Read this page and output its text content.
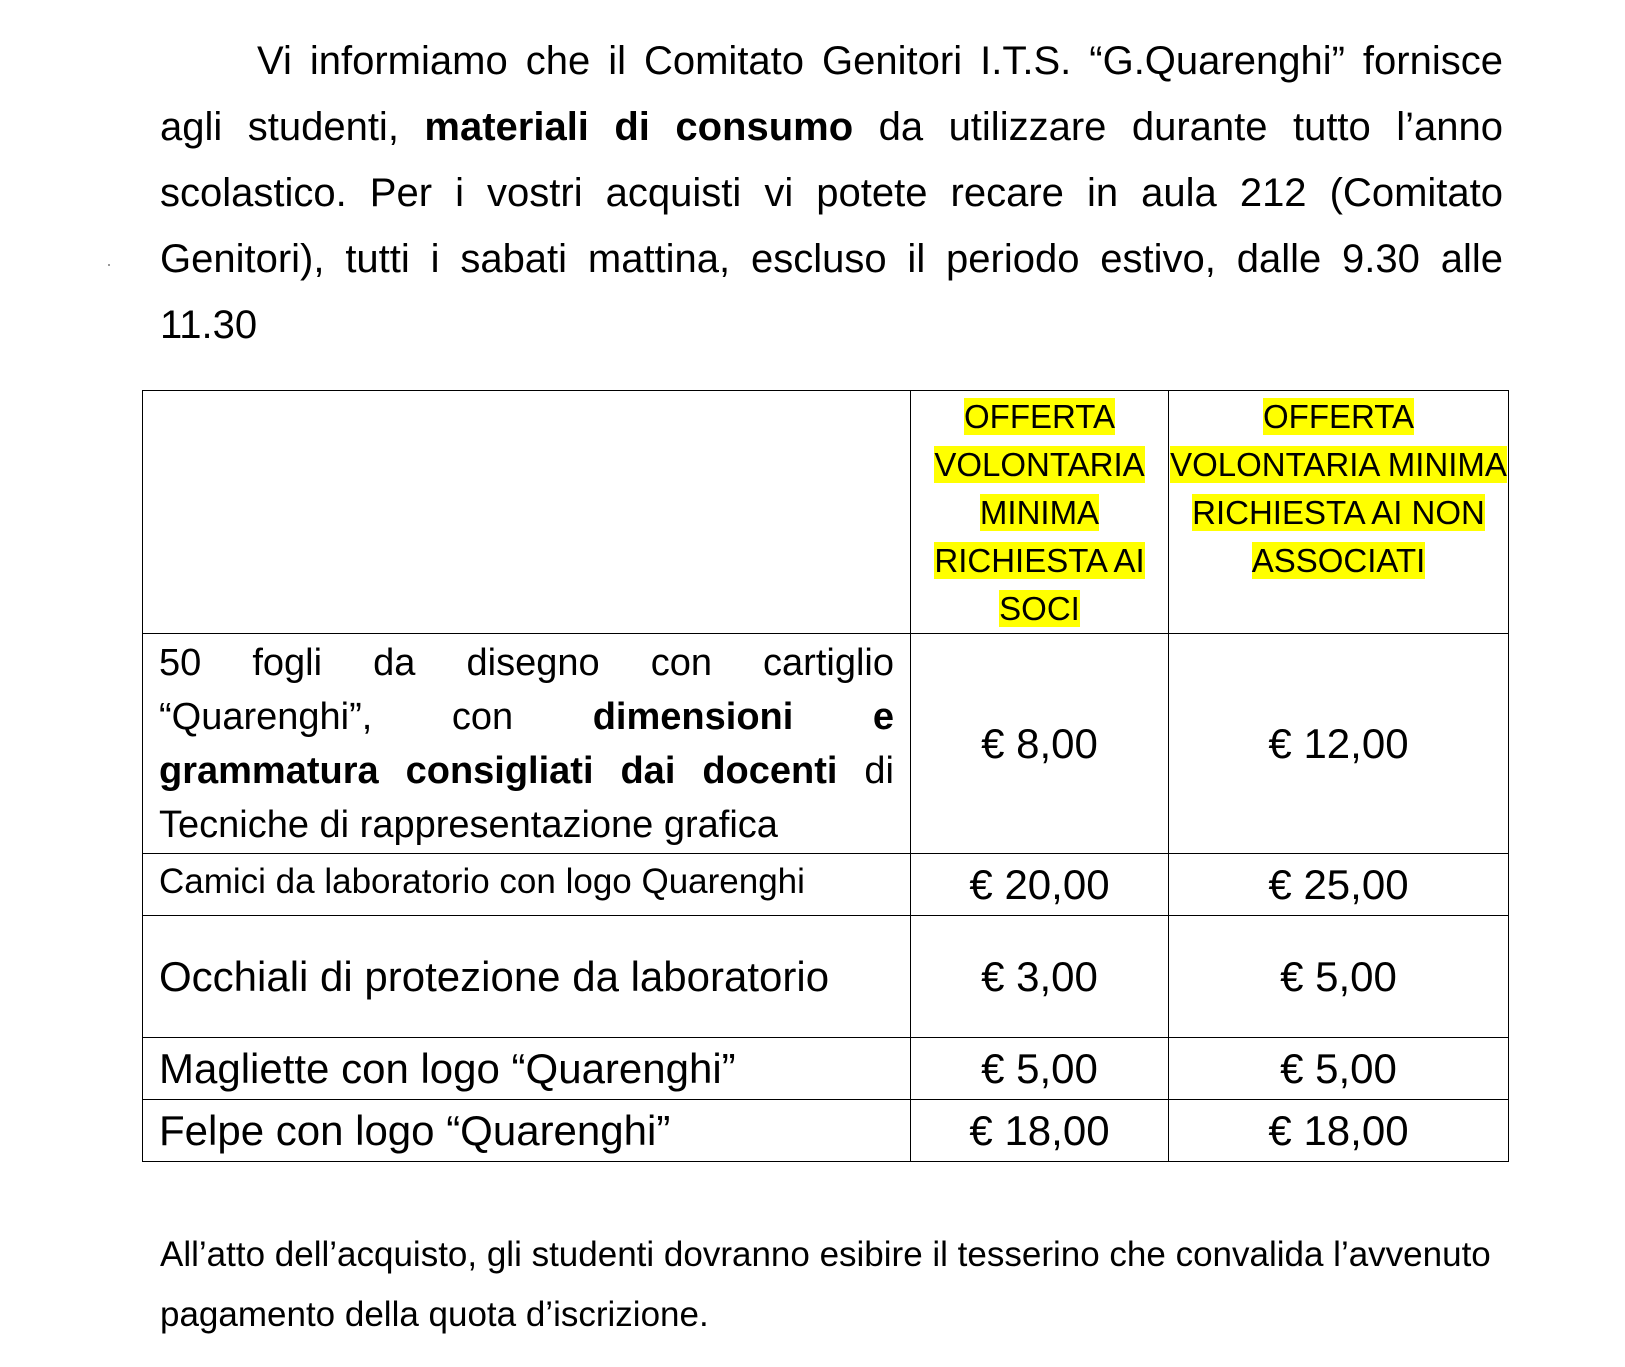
Vi informiamo che il Comitato Genitori I.T.S. “G.Quarenghi” fornisce agli studenti, materiali di consumo da utilizzare durante tutto l’anno scolastico. Per i vostri acquisti vi potete recare in aula 212 (Comitato Genitori), tutti i sabati mattina, escluso il periodo estivo, dalle 9.30 alle 11.30

	OFFERTA VOLONTARIA MINIMA RICHIESTA AI SOCI	OFFERTA VOLONTARIA MINIMA RICHIESTA AI NON ASSOCIATI
50 fogli da disegno con cartiglio “Quarenghi”, con dimensioni e grammatura consigliati dai docenti di Tecniche di rappresentazione grafica	€ 8,00	€ 12,00
Camici da laboratorio con logo Quarenghi	€ 20,00	€ 25,00
Occhiali di protezione da laboratorio	€ 3,00	€ 5,00
Magliette con logo “Quarenghi”	€ 5,00	€ 5,00
Felpe con logo “Quarenghi”	€ 18,00	€ 18,00

All’atto dell’acquisto, gli studenti dovranno esibire il tesserino che convalida l’avvenuto pagamento della quota d’iscrizione.
